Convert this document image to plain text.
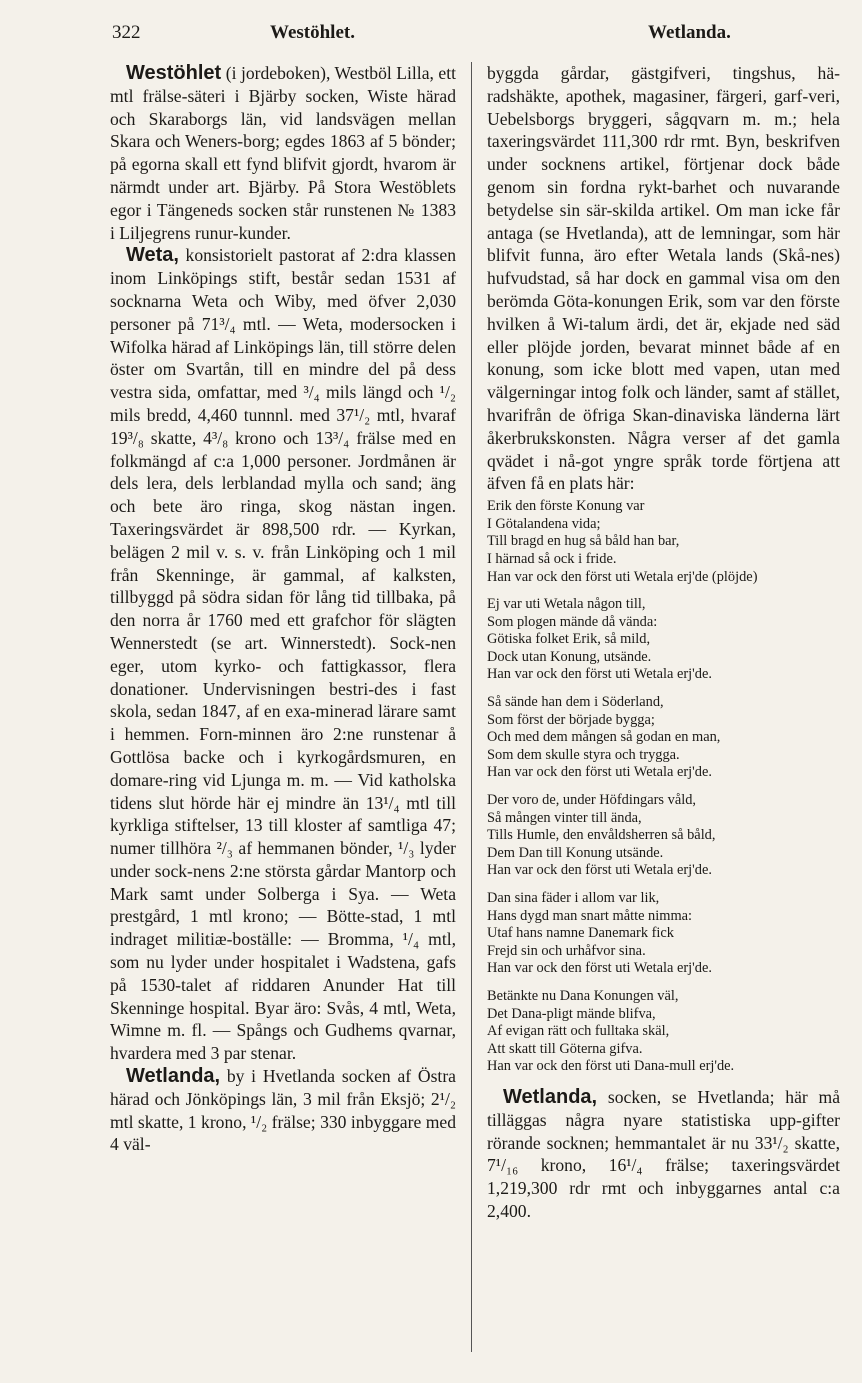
322	Westöhlet.	Wetlanda.

Westöhlet (i jordeboken), Westböl Lilla, ett mtl frälse-säteri i Bjärby socken, Wiste härad och Skaraborgs län, vid landsvägen mellan Skara och Weners-borg; egdes 1863 af 5 bönder; på egorna skall ett fynd blifvit gjordt, hvarom är närmdt under art. Bjärby. På Stora Westöblets egor i Tängeneds socken står runstenen № 1383 i Liljegrens runur-kunder.

Weta, konsistorielt pastorat af 2:dra klassen inom Linköpings stift, består sedan 1531 af socknarna Weta och Wiby, med öfver 2,030 personer på 71³/₄ mtl. — Weta, modersocken i Wifolka härad af Linköpings län, till större delen öster om Svartån, till en mindre del på dess vestra sida, omfattar, med ³/₄ mils längd och ¹/₂ mils bredd, 4,460 tunnnl. med 37¹/₂ mtl, hvaraf 19³/₈ skatte, 4³/₈ krono och 13³/₄ frälse med en folkmängd af c:a 1,000 personer. Jordmånen är dels lera, dels lerblandad mylla och sand; äng och bete äro ringa, skog nästan ingen. Taxeringsvärdet är 898,500 rdr. — Kyrkan, belägen 2 mil v. s. v. från Linköping och 1 mil från Skenninge, är gammal, af kalksten, tillbyggd på södra sidan för lång tid tillbaka, på den norra år 1760 med ett grafchor för slägten Wennerstedt (se art. Winnerstedt). Sock-nen eger, utom kyrko- och fattigkassor, flera donationer. Undervisningen bestri-des i fast skola, sedan 1847, af en exa-minerad lärare samt i hemmen. Forn-minnen äro 2:ne runstenar å Gottlösa backe och i kyrkogårdsmuren, en domare-ring vid Ljunga m. m. — Vid katholska tidens slut hörde här ej mindre än 13¹/₄ mtl till kyrkliga stiftelser, 13 till kloster af samtliga 47; numer tillhöra ²/₃ af hemmanen bönder, ¹/₃ lyder under sock-nens 2:ne största gårdar Mantorp och Mark samt under Solberga i Sya. — Weta prestgård, 1 mtl krono; — Bötte-stad, 1 mtl indraget militiæ-boställe: — Bromma, ¹/₄ mtl, som nu lyder under hospitalet i Wadstena, gafs på 1530-talet af riddaren Anunder Hat till Skenninge hospital. Byar äro: Svås, 4 mtl, Weta, Wimne m. fl. — Spångs och Gudhems qvarnar, hvardera med 3 par stenar.

Wetlanda, by i Hvetlanda socken af Östra härad och Jönköpings län, 3 mil från Eksjö; 2¹/₂ mtl skatte, 1 krono, ¹/₂ frälse; 330 inbyggare med 4 väl-

byggda gårdar, gästgifveri, tingshus, hä-radshäkte, apothek, magasiner, färgeri, garf-veri, Uebelsborgs bryggeri, sågqvarn m. m.; hela taxeringsvärdet 111,300 rdr rmt. Byn, beskrifven under socknens artikel, förtjenar dock både genom sin fordna rykt-barhet och nuvarande betydelse sin sär-skilda artikel. Om man icke får antaga (se Hvetlanda), att de lemningar, som här blifvit funna, äro efter Wetala lands (Skå-nes) hufvudstad, så har dock en gammal visa om den berömda Göta-konungen Erik, som var den förste hvilken å Wi-talum ärdi, det är, ekjade ned säd eller plöjde jorden, bevarat minnet både af en konung, som icke blott med vapen, utan med välgerningar intog folk och länder, samt af stället, hvarifrån de öfriga Skan-dinaviska länderna lärt åkerbrukskonsten. Några verser af det gamla qvädet i nå-got yngre språk torde förtjena att äfven få en plats här:

Erik den förste Konung var
I Götalandena vida;
Till bragd en hug så båld han bar,
I härnad så ock i fride.
Han var ock den först uti Wetala erj'de (plöjde)
Ej var uti Wetala någon till,
Som plogen mände då vända:
Götiska folket Erik, så mild,
Dock utan Konung, utsände.
Han var ock den först uti Wetala erj'de.
Så sände han dem i Söderland,
Som först der började bygga;
Och med dem mången så godan en man,
Som dem skulle styra och trygga.
Han var ock den först uti Wetala erj'de.
Der voro de, under Höfdingars våld,
Så mången vinter till ända,
Tills Humle, den envåldsherren så båld,
Dem Dan till Konung utsände.
Han var ock den först uti Wetala erj'de.
Dan sina fäder i allom var lik,
Hans dygd man snart måtte nimma:
Utaf hans namne Danemark fick
Frejd sin och urhåfvor sina.
Han var ock den först uti Wetala erj'de.
Betänkte nu Dana Konungen väl,
Det Dana-pligt mände blifva,
Af evigan rätt och fulltaka skäl,
Att skatt till Göterna gifva.
Han var ock den först uti Dana-mull erj'de.

Wetlanda, socken, se Hvetlanda; här må tilläggas några nyare statistiska upp-gifter rörande socknen; hemmantalet är nu 33¹/₂ skatte, 7¹/₁₆ krono, 16¹/₄ frälse; taxeringsvärdet 1,219,300 rdr rmt och inbyggarnes antal c:a 2,400.
